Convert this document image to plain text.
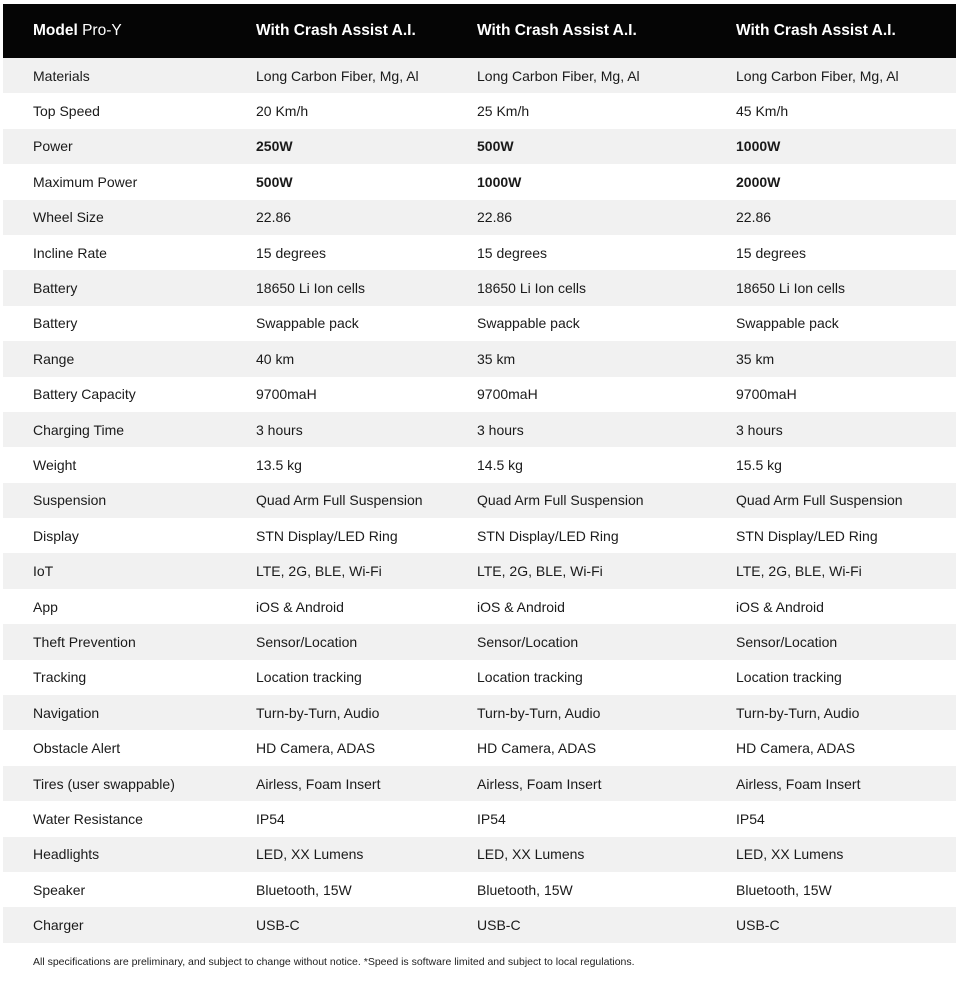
Model Pro-Y	With Crash Assist A.I.	With Crash Assist A.I.	With Crash Assist A.I.
Materials	Long Carbon Fiber, Mg, Al	Long Carbon Fiber, Mg, Al	Long Carbon Fiber, Mg, Al
Top Speed	20 Km/h	25 Km/h	45 Km/h
Power	250W	500W	1000W
Maximum Power	500W	1000W	2000W
Wheel Size	22.86	22.86	22.86
Incline Rate	15 degrees	15 degrees	15 degrees
Battery	18650 Li Ion cells	18650 Li Ion cells	18650 Li Ion cells
Battery	Swappable pack	Swappable pack	Swappable pack
Range	40 km	35 km	35 km
Battery Capacity	9700maH	9700maH	9700maH
Charging Time	3 hours	3 hours	3 hours
Weight	13.5 kg	14.5 kg	15.5 kg
Suspension	Quad Arm Full Suspension	Quad Arm Full Suspension	Quad Arm Full Suspension
Display	STN Display/LED Ring	STN Display/LED Ring	STN Display/LED Ring
IoT	LTE, 2G, BLE, Wi-Fi	LTE, 2G, BLE, Wi-Fi	LTE, 2G, BLE, Wi-Fi
App	iOS & Android	iOS & Android	iOS & Android
Theft Prevention	Sensor/Location	Sensor/Location	Sensor/Location
Tracking	Location tracking	Location tracking	Location tracking
Navigation	Turn-by-Turn, Audio	Turn-by-Turn, Audio	Turn-by-Turn, Audio
Obstacle Alert	HD Camera, ADAS	HD Camera, ADAS	HD Camera, ADAS
Tires (user swappable)	Airless, Foam Insert	Airless, Foam Insert	Airless, Foam Insert
Water Resistance	IP54	IP54	IP54
Headlights	LED, XX Lumens	LED, XX Lumens	LED, XX Lumens
Speaker	Bluetooth, 15W	Bluetooth, 15W	Bluetooth, 15W
Charger	USB-C	USB-C	USB-C
All specifications are preliminary, and subject to change without notice. *Speed is software limited and subject to local regulations.
